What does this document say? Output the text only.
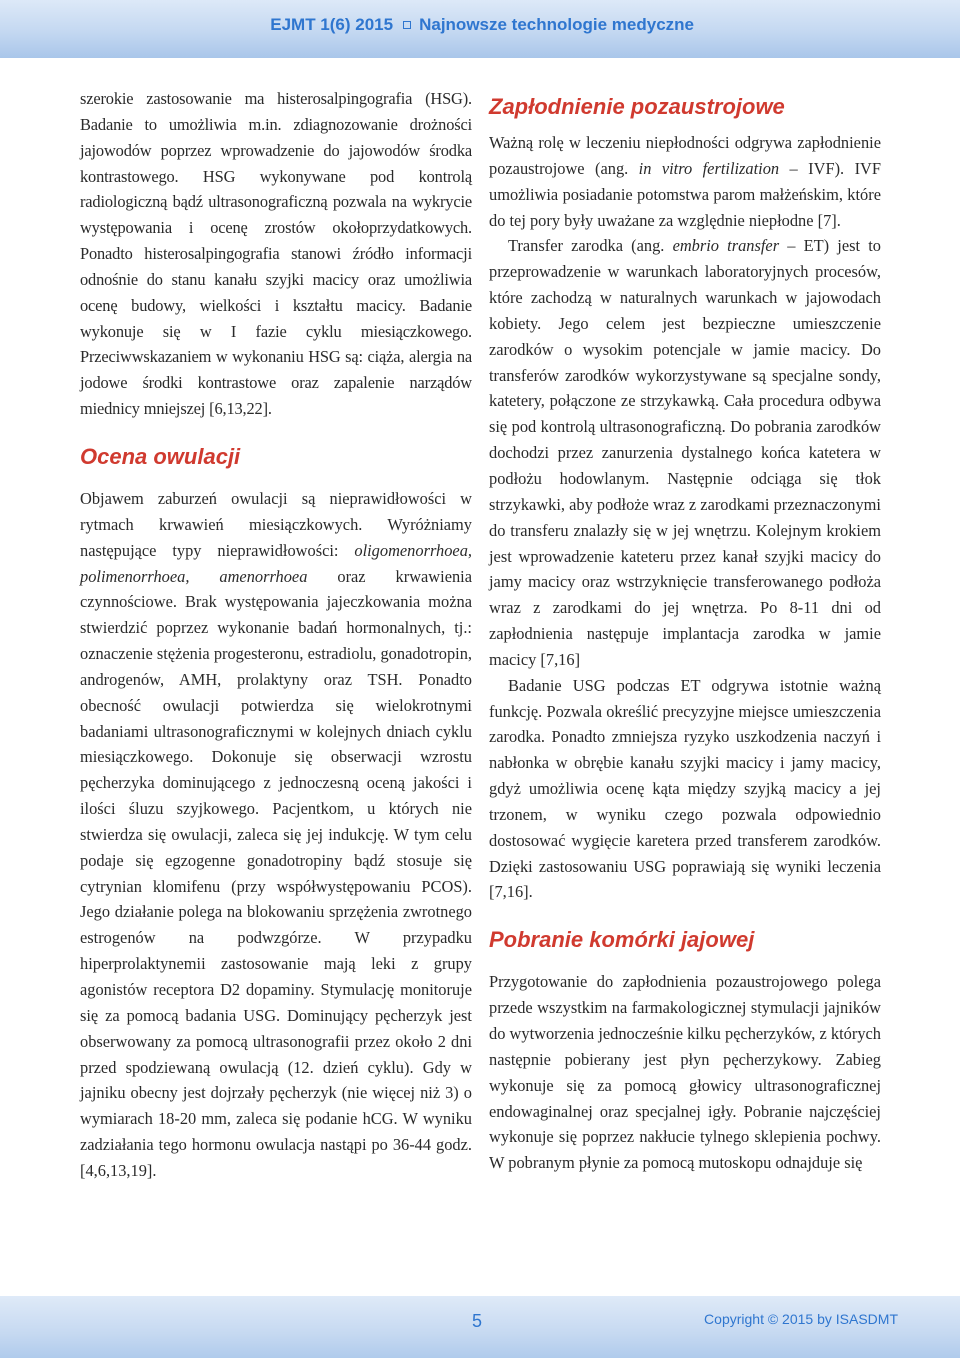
EJMT 1(6) 2015 Najnowsze technologie medyczne

szerokie zastosowanie ma histerosalpingografia (HSG). Badanie to umożliwia m.in. zdiagnozowanie drożności jajowodów poprzez wprowadzenie do jajowodów środka kontrastowego. HSG wykonywane pod kontrolą radiologiczną bądź ultrasonograficzną pozwala na wykrycie występowania i ocenę zrostów okołoprzydatkowych. Ponadto histerosalpingografia stanowi źródło informacji odnośnie do stanu kanału szyjki macicy oraz umożliwia ocenę budowy, wielkości i kształtu macicy. Badanie wykonuje się w I fazie cyklu miesiączkowego. Przeciwwskazaniem w wykonaniu HSG są: ciąża, alergia na jodowe środki kontrastowe oraz zapalenie narządów miednicy mniejszej [6,13,22].

Ocena owulacji

Objawem zaburzeń owulacji są nieprawidłowości w rytmach krwawień miesiączkowych. Wyróżniamy następujące typy nieprawidłowości: oligomenorrhoea, polimenorrhoea, amenorrhoea oraz krwawienia czynnościowe. Brak występowania jajeczkowania można stwierdzić poprzez wykonanie badań hormonalnych, tj.: oznaczenie stężenia progesteronu, estradiolu, gonadotropin, androgenów, AMH, prolaktyny oraz TSH. Ponadto obecność owulacji potwierdza się wielokrotnymi badaniami ultrasonograficznymi w kolejnych dniach cyklu miesiączkowego. Dokonuje się obserwacji wzrostu pęcherzyka dominującego z jednoczesną oceną jakości i ilości śluzu szyjkowego. Pacjentkom, u których nie stwierdza się owulacji, zaleca się jej indukcję. W tym celu podaje się egzogenne gonadotropiny bądź stosuje się cytrynian klomifenu (przy współwystępowaniu PCOS). Jego działanie polega na blokowaniu sprzężenia zwrotnego estrogenów na podwzgórze. W przypadku hiperprolaktynemii zastosowanie mają leki z grupy agonistów receptora D2 dopaminy. Stymulację monitoruje się za pomocą badania USG. Dominujący pęcherzyk jest obserwowany za pomocą ultrasonografii przez około 2 dni przed spodziewaną owulacją (12. dzień cyklu). Gdy w jajniku obecny jest dojrzały pęcherzyk (nie więcej niż 3) o wymiarach 18-20 mm, zaleca się podanie hCG. W wyniku zadziałania tego hormonu owulacja nastąpi po 36-44 godz. [4,6,13,19].

Zapłodnienie pozaustrojowe

Ważną rolę w leczeniu niepłodności odgrywa zapłodnienie pozaustrojowe (ang. in vitro fertilization – IVF). IVF umożliwia posiadanie potomstwa parom małżeńskim, które do tej pory były uważane za względnie niepłodne [7].

Transfer zarodka (ang. embrio transfer – ET) jest to przeprowadzenie w warunkach laboratoryjnych procesów, które zachodzą w naturalnych warunkach w jajowodach kobiety. Jego celem jest bezpieczne umieszczenie zarodków o wysokim potencjale w jamie macicy. Do transferów zarodków wykorzystywane są specjalne sondy, katetery, połączone ze strzykawką. Cała procedura odbywa się pod kontrolą ultrasonograficzną. Do pobrania zarodków dochodzi przez zanurzenia dystalnego końca katetera w podłożu hodowlanym. Następnie odciąga się tłok strzykawki, aby podłoże wraz z zarodkami przeznaczonymi do transferu znalazły się w jej wnętrzu. Kolejnym krokiem jest wprowadzenie kateteru przez kanał szyjki macicy do jamy macicy oraz wstrzyknięcie transferowanego podłoża wraz z zarodkami do jej wnętrza. Po 8-11 dni od zapłodnienia następuje implantacja zarodka w jamie macicy [7,16]

Badanie USG podczas ET odgrywa istotnie ważną funkcję. Pozwala określić precyzyjne miejsce umieszczenia zarodka. Ponadto zmniejsza ryzyko uszkodzenia naczyń i nabłonka w obrębie kanału szyjki macicy i jamy macicy, gdyż umożliwia ocenę kąta między szyjką macicy a jej trzonem, w wyniku czego pozwala odpowiednio dostosować wygięcie karetera przed transferem zarodków. Dzięki zastosowaniu USG poprawiają się wyniki leczenia [7,16].

Pobranie komórki jajowej

Przygotowanie do zapłodnienia pozaustrojowego polega przede wszystkim na farmakologicznej stymulacji jajników do wytworzenia jednocześnie kilku pęcherzyków, z których następnie pobierany jest płyn pęcherzykowy. Zabieg wykonuje się za pomocą głowicy ultrasonograficznej endowaginalnej oraz specjalnej igły. Pobranie najczęściej wykonuje się poprzez nakłucie tylnego sklepienia pochwy. W pobranym płynie za pomocą mutoskopu odnajduje się

5	Copyright © 2015 by ISASDMT
